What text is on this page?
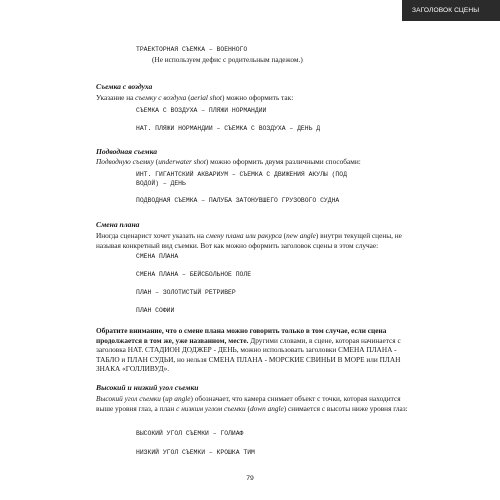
ЗАГОЛОВОК СЦЕНЫ
ТРАЕКТОРНАЯ СЪЕМКА – ВОЕННОГО
(Не используем дефис с родительным падежом.)
Съемка с воздуха
Указание на съемку с воздуха (aerial shot) можно оформить так:
СЪЕМКА С ВОЗДУХА – ПЛЯЖИ НОРМАНДИИ
НАТ. ПЛЯЖИ НОРМАНДИИ – СЪЕМКА С ВОЗДУХА – ДЕНЬ Д
Подводная съемка
Подводную съемку (underwater shot) можно оформить двумя различными способами:
ИНТ. ГИГАНТСКИЙ АКВАРИУМ – СЪЕМКА С ДВИЖЕНИЯ АКУЛЫ (ПОД
ВОДОЙ) – ДЕНЬ
ПОДВОДНАЯ СЪЕМКА – ПАЛУБА ЗАТОНУВШЕГО ГРУЗОВОГО СУДНА
Смена плана
Иногда сценарист хочет указать на смену плана или ракурса (new angle) внутри текущей сцены, не называя конкретный вид съемки. Вот как можно оформить заголовок сцены в этом случае:
СМЕНА ПЛАНА
СМЕНА ПЛАНА – БЕЙСБОЛЬНОЕ ПОЛЕ
ПЛАН – ЗОЛОТИСТЫЙ РЕТРИВЕР
ПЛАН СОФИИ
Обратите внимание, что о смене плана можно говорить только в том случае, если сцена продолжается в том же, уже названном, месте. Другими словами, в сцене, которая начинается с заголовка НАТ. СТАДИОН ДОДЖЕР - ДЕНЬ, можно использовать заголовки СМЕНА ПЛАНА - ТАБЛО и ПЛАН СУДЬИ, но нельзя СМЕНА ПЛАНА - МОРСКИЕ СВИНЬИ В МОРЕ или ПЛАН ЗНАКА «ГОЛЛИВУД».
Высокий и низкий угол съемки
Высокий угол съемки (up angle) обозначает, что камера снимает объект с точки, которая находится выше уровня глаз, а план с низким углом съемки (down angle) снимается с высоты ниже уровня глаз:
ВЫСОКИЙ УГОЛ СЪЕМКИ – ГОЛИАФ
НИЗКИЙ УГОЛ СЪЕМКИ – КРОШКА ТИМ
79
